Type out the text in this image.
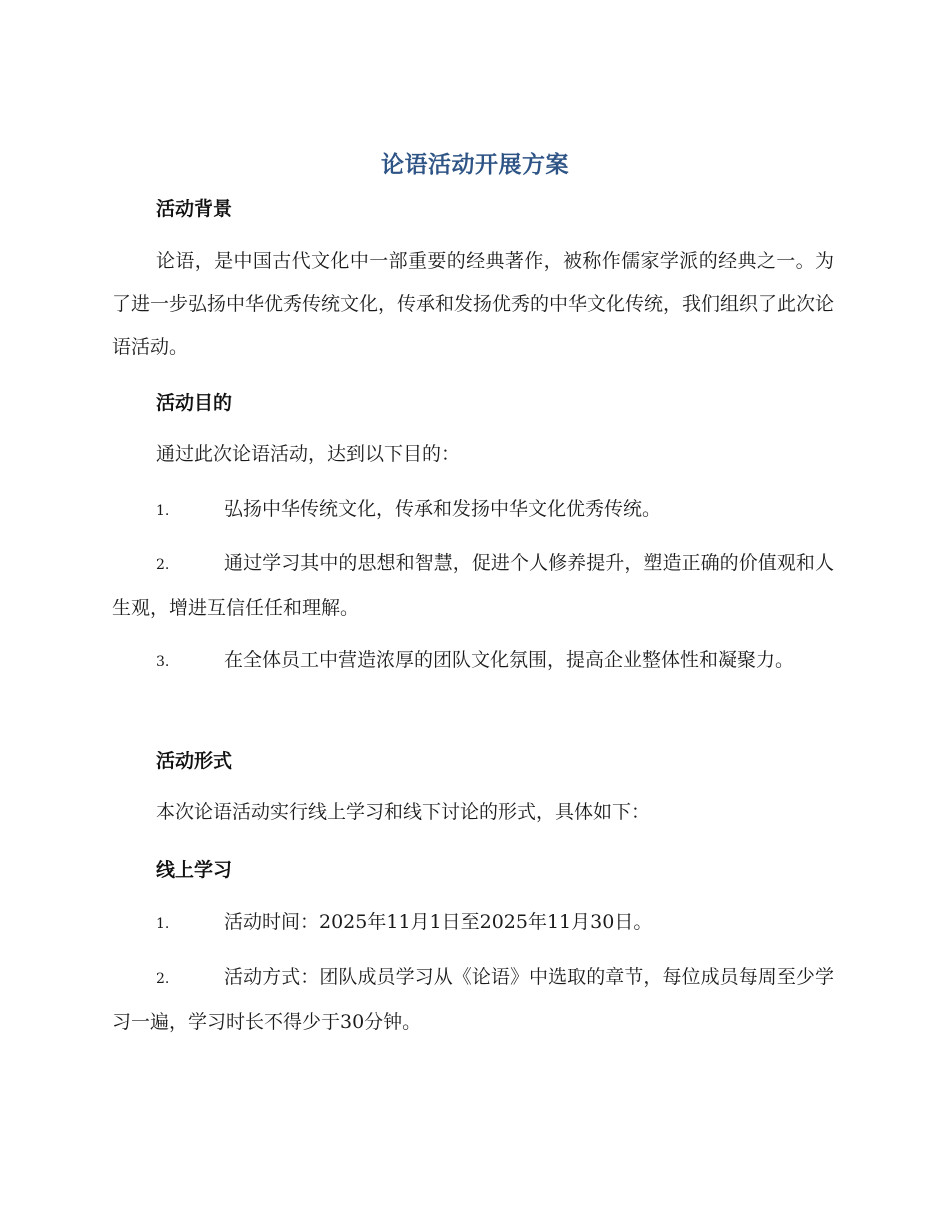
论语活动开展方案
活动背景
论语，是中国古代文化中一部重要的经典著作，被称作儒家学派的经典之一。为了进一步弘扬中华优秀传统文化，传承和发扬优秀的中华文化传统，我们组织了此次论语活动。
活动目的
通过此次论语活动，达到以下目的：
1.	弘扬中华传统文化，传承和发扬中华文化优秀传统。
2.	通过学习其中的思想和智慧，促进个人修养提升，塑造正确的价值观和人生观，增进互信任任和理解。
3.	在全体员工中营造浓厚的团队文化氛围，提高企业整体性和凝聚力。
活动形式
本次论语活动实行线上学习和线下讨论的形式，具体如下：
线上学习
1.	活动时间：2025年11月1日至2025年11月30日。
2.	活动方式：团队成员学习从《论语》中选取的章节，每位成员每周至少学习一遍，学习时长不得少于30分钟。
